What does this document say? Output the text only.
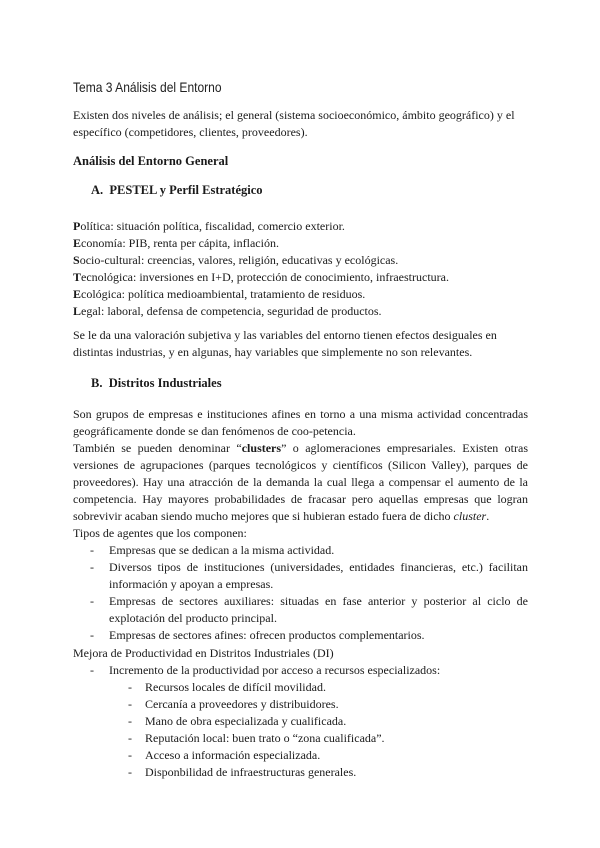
Tema 3 Análisis del Entorno

Existen dos niveles de análisis; el general (sistema socioeconómico, ámbito geográfico) y el específico (competidores, clientes, proveedores).

Análisis del Entorno General

A. PESTEL y Perfil Estratégico

Política: situación política, fiscalidad, comercio exterior.

Economía: PIB, renta per cápita, inflación.

Socio-cultural: creencias, valores, religión, educativas y ecológicas.

Tecnológica: inversiones en I+D, protección de conocimiento, infraestructura.

Ecológica: política medioambiental, tratamiento de residuos.

Legal: laboral, defensa de competencia, seguridad de productos.

Se le da una valoración subjetiva y las variables del entorno tienen efectos desiguales en distintas industrias, y en algunas, hay variables que simplemente no son relevantes.

B. Distritos Industriales

Son grupos de empresas e instituciones afines en torno a una misma actividad concentradas geográficamente donde se dan fenómenos de coo-petencia.

También se pueden denominar “clusters” o aglomeraciones empresariales. Existen otras versiones de agrupaciones (parques tecnológicos y científicos (Silicon Valley), parques de proveedores). Hay una atracción de la demanda la cual llega a compensar el aumento de la competencia. Hay mayores probabilidades de fracasar pero aquellas empresas que logran sobrevivir acaban siendo mucho mejores que si hubieran estado fuera de dicho cluster.

Tipos de agentes que los componen:

- Empresas que se dedican a la misma actividad.
- Diversos tipos de instituciones (universidades, entidades financieras, etc.) facilitan información y apoyan a empresas.
- Empresas de sectores auxiliares: situadas en fase anterior y posterior al ciclo de explotación del producto principal.
- Empresas de sectores afines: ofrecen productos complementarios.

Mejora de Productividad en Distritos Industriales (DI)

- Incremento de la productividad por acceso a recursos especializados:
- Recursos locales de difícil movilidad.
- Cercanía a proveedores y distribuidores.
- Mano de obra especializada y cualificada.
- Reputación local: buen trato o “zona cualificada”.
- Acceso a información especializada.
- Disponbilidad de infraestructuras generales.
